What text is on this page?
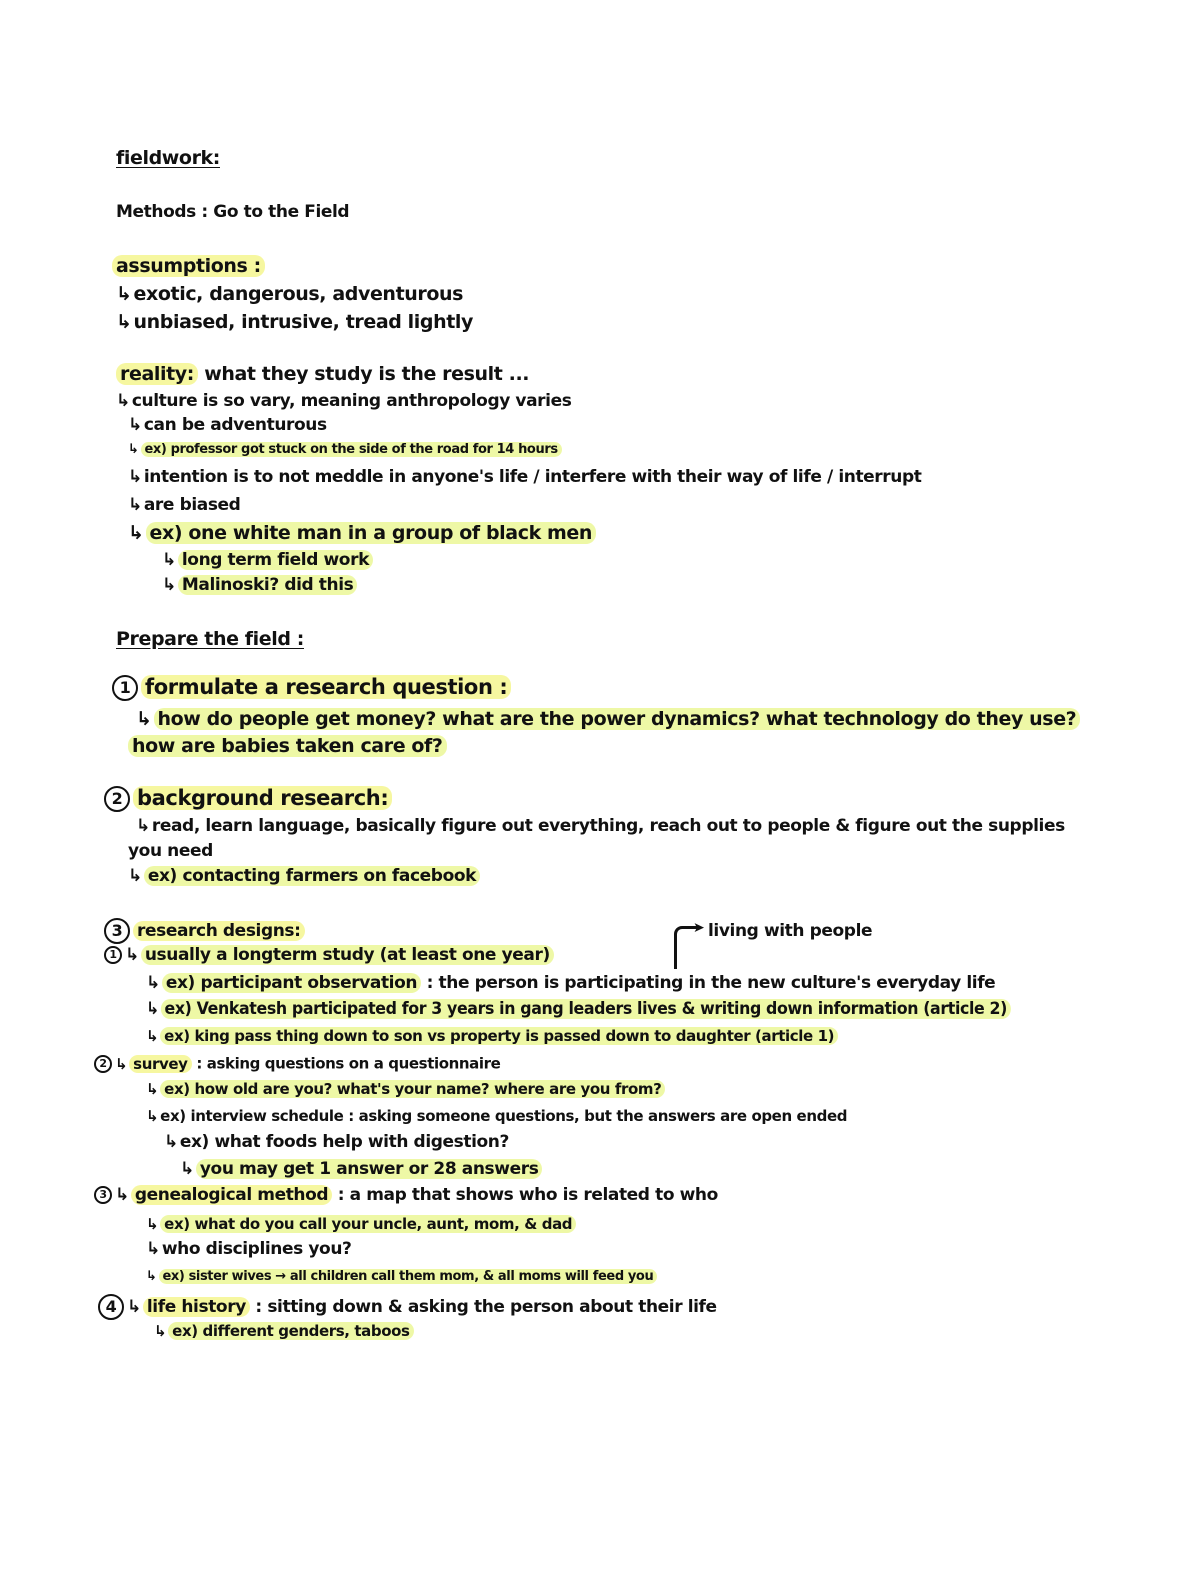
fieldwork:
Methods : Go to the Field
assumptions :
↳ exotic, dangerous, adventurous
↳ unbiased, intrusive, tread lightly
reality: what they study is the result ...
↳ culture is so vary, meaning anthropology varies
↳ can be adventurous
↳ ex) professor got stuck on the side of the road for 14 hours
↳ intention is to not meddle in anyone's life / interfere with their way of life / interrupt
↳ are biased
↳ ex) one white man in a group of black men
↳ long term field work
↳ Malinoski? did this
Prepare the field :
1 formulate a research question :
↳ how do people get money? what are the power dynamics? what technology do they use?
how are babies taken care of?
2 background research:
↳ read, learn language, basically figure out everything, reach out to people & figure out the supplies
you need
↳ ex) contacting farmers on facebook
3 research designs:	➤ living with people
1 ↳ usually a longterm study (at least one year)
↳ ex) participant observation : the person is participating in the new culture's everyday life
↳ ex) Venkatesh participated for 3 years in gang leaders lives & writing down information (article 2)
↳ ex) king pass thing down to son vs property is passed down to daughter (article 1)
2 ↳ survey : asking questions on a questionnaire
↳ ex) how old are you? what's your name? where are you from?
↳ ex) interview schedule : asking someone questions, but the answers are open ended
↳ ex) what foods help with digestion?
↳ you may get 1 answer or 28 answers
3 ↳ genealogical method : a map that shows who is related to who
↳ ex) what do you call your uncle, aunt, mom, & dad
↳ who disciplines you?
↳ ex) sister wives → all children call them mom, & all moms will feed you
4 ↳ life history : sitting down & asking the person about their life
↳ ex) different genders, taboos
